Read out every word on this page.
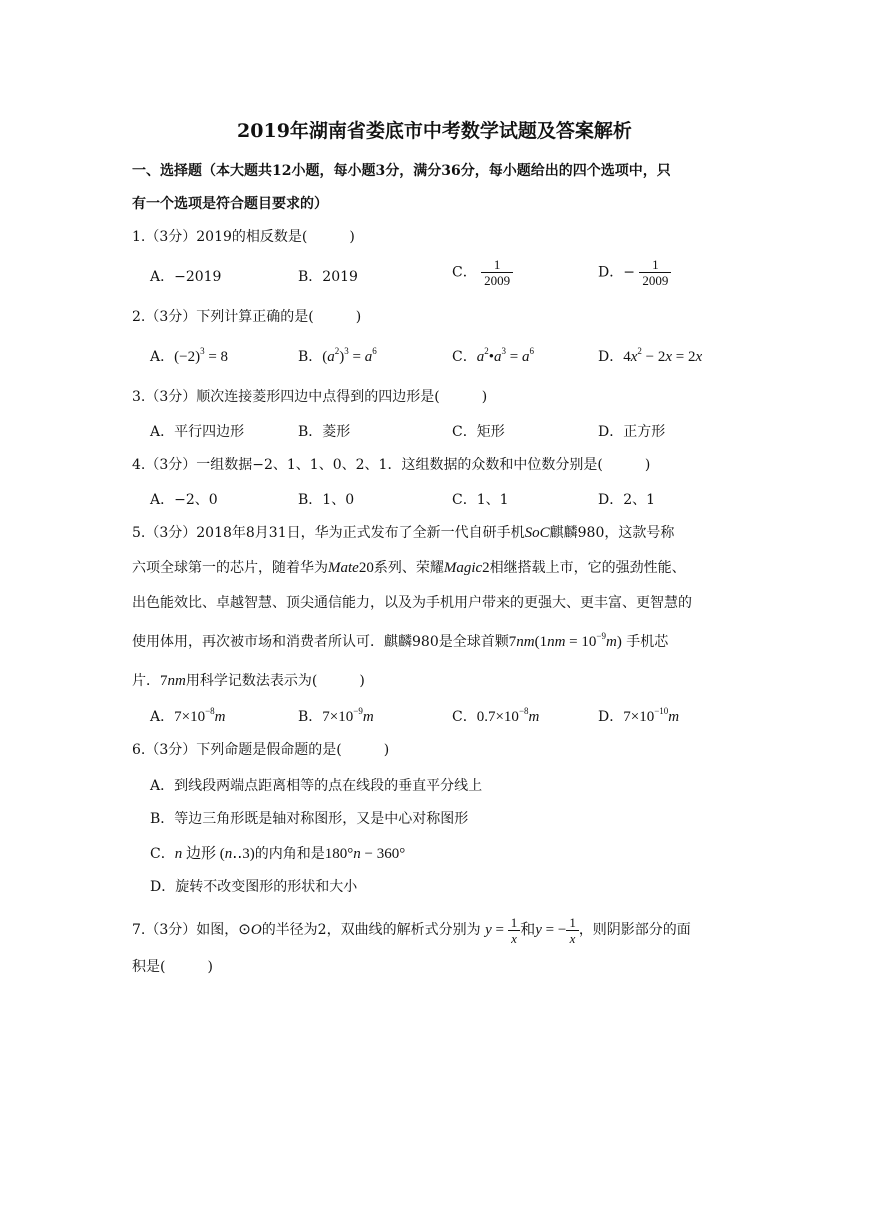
2019年湖南省娄底市中考数学试题及答案解析
一、选择题（本大题共12小题，每小题3分，满分36分，每小题给出的四个选项中，只
有一个选项是符合题目要求的）
1.（3分）2019的相反数是(	)
A．−2019	B．2019	C． $\frac{1}{2009}$	D．− $\frac{1}{2009}$
2.（3分）下列计算正确的是(	)
A．$(-2)^3 = 8$	B．$(a^2)^3 = a^6$	C．$a^2•a^3 = a^6$	D．$4x^2 - 2x = 2x$
3.（3分）顺次连接菱形四边中点得到的四边形是(	)
A．平行四边形	B．菱形	C．矩形	D．正方形
4.（3分）一组数据−2、1、1、0、2、1．这组数据的众数和中位数分别是(	)
A．−2、0	B．1、0	C．1、1	D．2、1
5.（3分）2018年8月31日，华为正式发布了全新一代自研手机SoC麒麟980，这款号称
六项全球第一的芯片，随着华为Mate20系列、荣耀Magic2相继搭载上市，它的强劲性能、
出色能效比、卓越智慧、顶尖通信能力，以及为手机用户带来的更强大、更丰富、更智慧的
使用体用，再次被市场和消费者所认可．麒麟980是全球首颗$7nm(1nm = 10^{-9}m)$ 手机芯
片．7nm用科学记数法表示为(	)
A．$7\times 10^{-8}m$	B．$7\times 10^{-9}m$	C．$0.7\times 10^{-8}m$	D．$7\times 10^{-10}m$
6.（3分）下列命题是假命题的是(	)
A．到线段两端点距离相等的点在线段的垂直平分线上
B．等边三角形既是轴对称图形，又是中心对称图形
C．n 边形 (n‥3)的内角和是180°n − 360°
D．旋转不改变图形的形状和大小
7.（3分）如图，⊙O的半径为2，双曲线的解析式分别为 $y = \frac{1}{x}$ 和y = − $\frac{1}{x}$ ，则阴影部分的面
积是(	)
